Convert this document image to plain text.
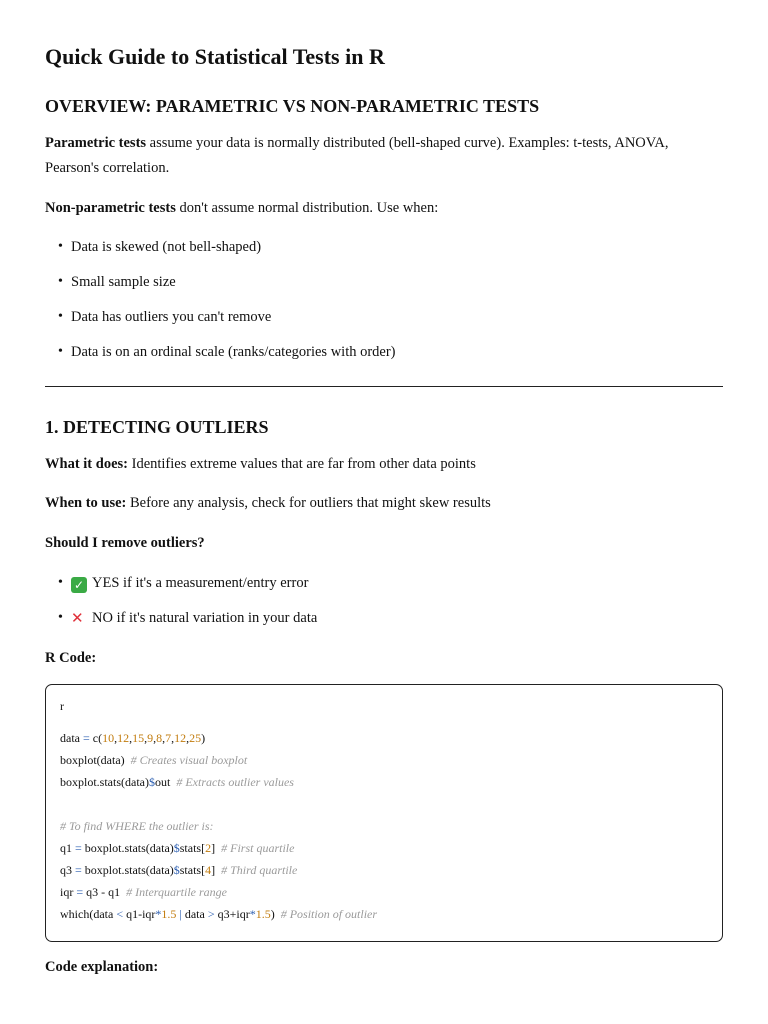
Quick Guide to Statistical Tests in R
OVERVIEW: PARAMETRIC VS NON-PARAMETRIC TESTS

Parametric tests assume your data is normally distributed (bell-shaped curve). Examples: t-tests, ANOVA, Pearson's correlation.

Non-parametric tests don't assume normal distribution. Use when:

• Data is skewed (not bell-shaped)
• Small sample size
• Data has outliers you can't remove
• Data is on an ordinal scale (ranks/categories with order)
1. DETECTING OUTLIERS

What it does: Identifies extreme values that are far from other data points

When to use: Before any analysis, check for outliers that might skew results

Should I remove outliers?

• ✓ YES if it's a measurement/entry error
• ✕ NO if it's natural variation in your data

R Code:

r
data = c(10,12,15,9,8,7,12,25)
boxplot(data)  # Creates visual boxplot
boxplot.stats(data)$out  # Extracts outlier values
# To find WHERE the outlier is:
q1 = boxplot.stats(data)$stats[2]  # First quartile
q3 = boxplot.stats(data)$stats[4]  # Third quartile
iqr = q3 - q1  # Interquartile range
which(data < q1-iqr*1.5 | data > q3+iqr*1.5)  # Position of outlier

Code explanation:
